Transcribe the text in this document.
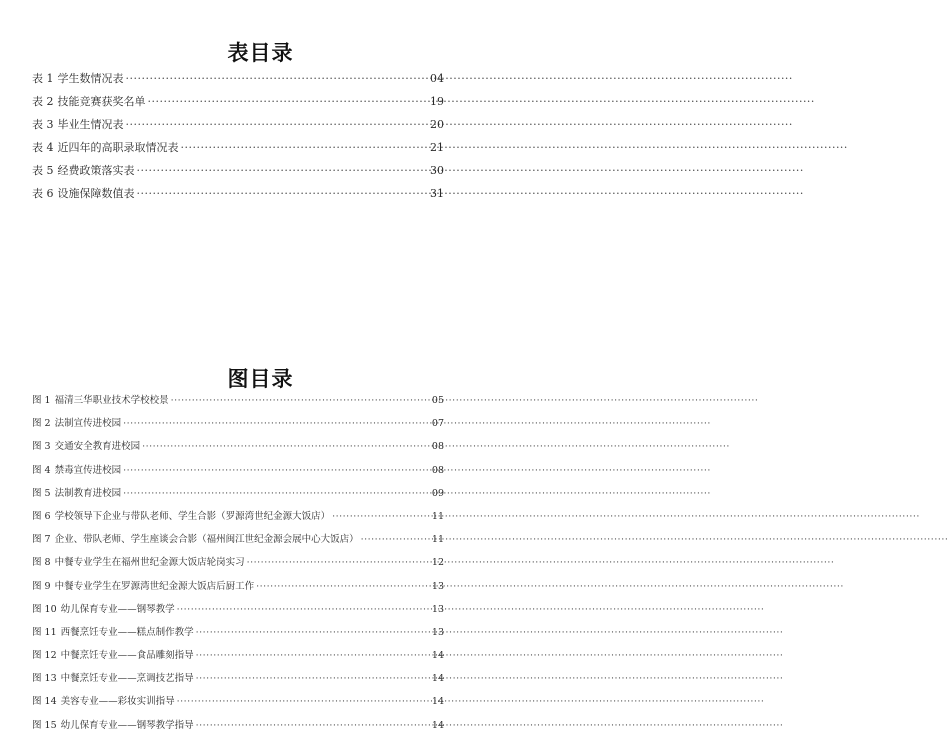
表目录
表 1 学生数情况表 ·····	04
表 2 技能竞赛获奖名单 ·····	19
表 3 毕业生情况表 ·····	20
表 4 近四年的高职录取情况表 ·····	21
表 5 经费政策落实表 ·····	30
表 6 设施保障数值表 ·····	31
图目录
图 1 福清三华职业技术学校校景 ·····	05
图 2 法制宣传进校园 ·····	07
图 3 交通安全教育进校园 ·····	08
图 4 禁毒宣传进校园 ·····	08
图 5 法制教育进校园 ·····	09
图 6 学校领导下企业与带队老师、学生合影（罗源湾世纪金源大饭店） ·····	11
图 7 企业、带队老师、学生座谈会合影（福州闽江世纪金源会展中心大饭店） ·····	11
图 8 中餐专业学生在福州世纪金源大饭店轮岗实习 ·····	12
图 9 中餐专业学生在罗源湾世纪金源大饭店后厨工作 ·····	13
图 10 幼儿保育专业——钢琴教学 ·····	13
图 11 西餐烹饪专业——糕点制作教学 ·····	13
图 12 中餐烹饪专业——食品雕刻指导 ·····	14
图 13 中餐烹饪专业——烹调技艺指导 ·····	14
图 14 美容专业——彩妆实训指导 ·····	14
图 15 幼儿保育专业——钢琴教学指导 ·····	14
